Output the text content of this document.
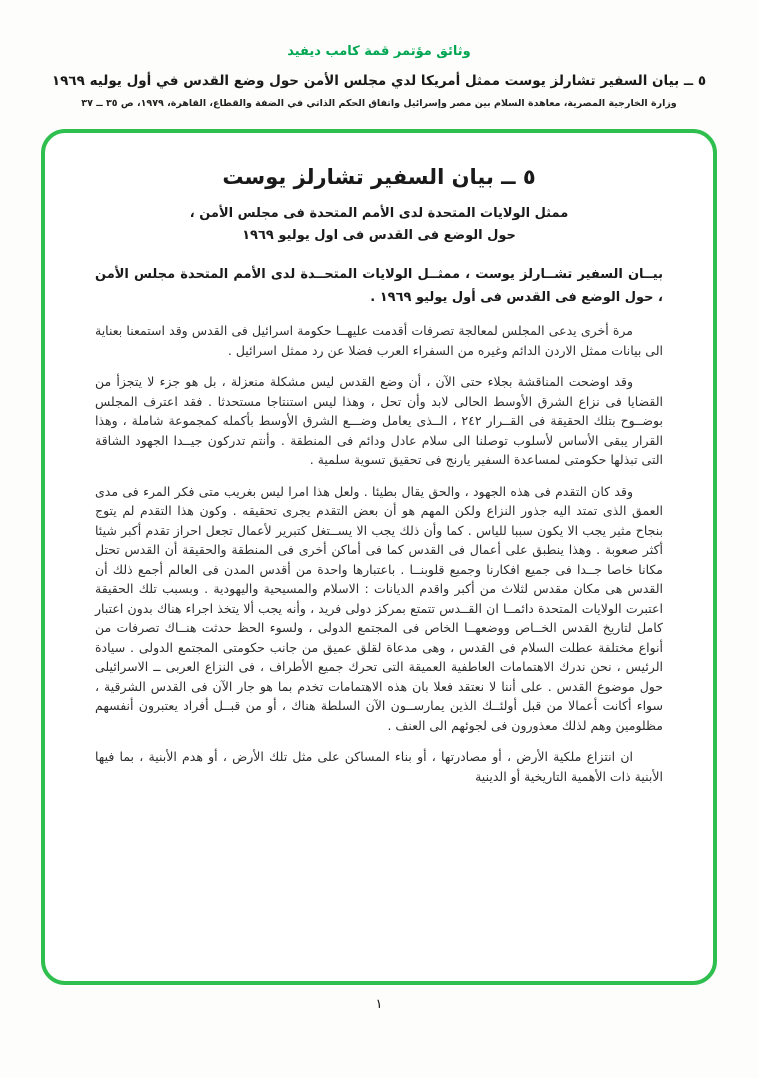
وثائق مؤتمر قمة كامب ديفيد
٥ ــ بيان السفير تشارلز يوست ممثل أمريكا لدي مجلس الأمن حول وضع القدس في أول يوليه ١٩٦٩
وزارة الخارجية المصرية، معاهدة السلام بين مصر وإسرائيل واتفاق الحكم الذاتي في الضفة والقطاع، القاهرة، ١٩٧٩، ص ٣٥ ــ ٣٧
٥ ــ بيان السفير تشارلز يوست
ممثل الولايات المتحدة لدى الأمم المتحدة فى مجلس الأمن ،
حول الوضع فى القدس فى اول يوليو ١٩٦٩

بيــان السفير تشــارلز يوست ، ممثــل الولايات المتحــدة لدى الأمم المتحدة مجلس الأمن ، حول الوضع فى القدس فى أول يوليو ١٩٦٩ .

مرة أخرى يدعى المجلس لمعالجة تصرفات أقدمت عليهــا حكومة اسرائيل فى القدس وقد استمعنا بعناية الى بيانات ممثل الاردن الدائم وغيره من السفراء العرب فضلا عن رد ممثل اسرائيل .

وقد اوضحت المناقشة بجلاء حتى الآن ، أن وضع القدس ليس مشكلة منعزلة ، بل هو جزء لا يتجزأ من القضايا فى نزاع الشرق الأوسط الحالى لابد وأن تحل ، وهذا ليس استنتاجا مستحدثا . فقد اعترف المجلس بوضــوح بتلك الحقيقة فى القــرار ٢٤٢ ، الــذى يعامل وضـــع الشرق الأوسط بأكمله كمجموعة شاملة ، وهذا القرار يبقى الأساس لأسلوب توصلنا الى سلام عادل ودائم فى المنطقة . وأنتم تدركون جيــدا الجهود الشاقة التى تبذلها حكومتى لمساعدة السفير يارنج فى تحقيق تسوية سلمية .

وقد كان التقدم فى هذه الجهود ، والحق يقال بطيئا . ولعل هذا امرا ليس بغريب متى فكر المرء فى مدى العمق الذى تمتد اليه جذور النزاع ولكن المهم هو أن بعض التقدم يجرى تحقيقه . وكون هذا التقدم لم يتوج بنجاح مثير يجب الا يكون سببا للياس . كما وأن ذلك يجب الا يســتغل كتبرير لأعمال تجعل احراز تقدم أكبر شيئا أكثر صعوبة . وهذا ينطبق على أعمال فى القدس كما فى أماكن أخرى فى المنطقة والحقيقة أن القدس تحتل مكانا خاصا جــدا فى جميع افكارنا وجميع قلوبنــا . باعتبارها واحدة من أقدس المدن فى العالم أجمع ذلك أن القدس هى مكان مقدس لثلاث من أكبر واقدم الديانات : الاسلام والمسيحية واليهودية . وبسبب تلك الحقيقة اعتبرت الولايات المتحدة دائمــا ان القــدس تتمتع بمركز دولى فريد ، وأنه يجب ألا يتخذ اجراء هناك بدون اعتبار كامل لتاريخ القدس الخــاص ووضعهــا الخاص فى المجتمع الدولى ، ولسوء الحظ حدثت هنــاك تصرفات من أنواع مختلفة عطلت السلام فى القدس ، وهى مدعاة لقلق عميق من جانب حكومتى المجتمع الدولى . سيادة الرئيس ، نحن ندرك الاهتمامات العاطفية العميقة التى تحرك جميع الأطراف ، فى النزاع العربى ــ الاسرائيلى حول موضوع القدس . على أننا لا نعتقد فعلا بان هذه الاهتمامات تخدم بما هو جار الآن فى القدس الشرقية ، سواء أكانت أعمالا من قبل أولئــك الذين يمارســون الآن السلطة هناك ، أو من قبــل أفراد يعتبرون أنفسهم مظلومين وهم لذلك معذورون فى لجوئهم الى العنف .

ان انتزاع ملكية الأرض ، أو مصادرتها ، أو بناء المساكن على مثل تلك الأرض ، أو هدم الأبنية ، بما فيها الأبنية ذات الأهمية التاريخية أو الدينية

١
